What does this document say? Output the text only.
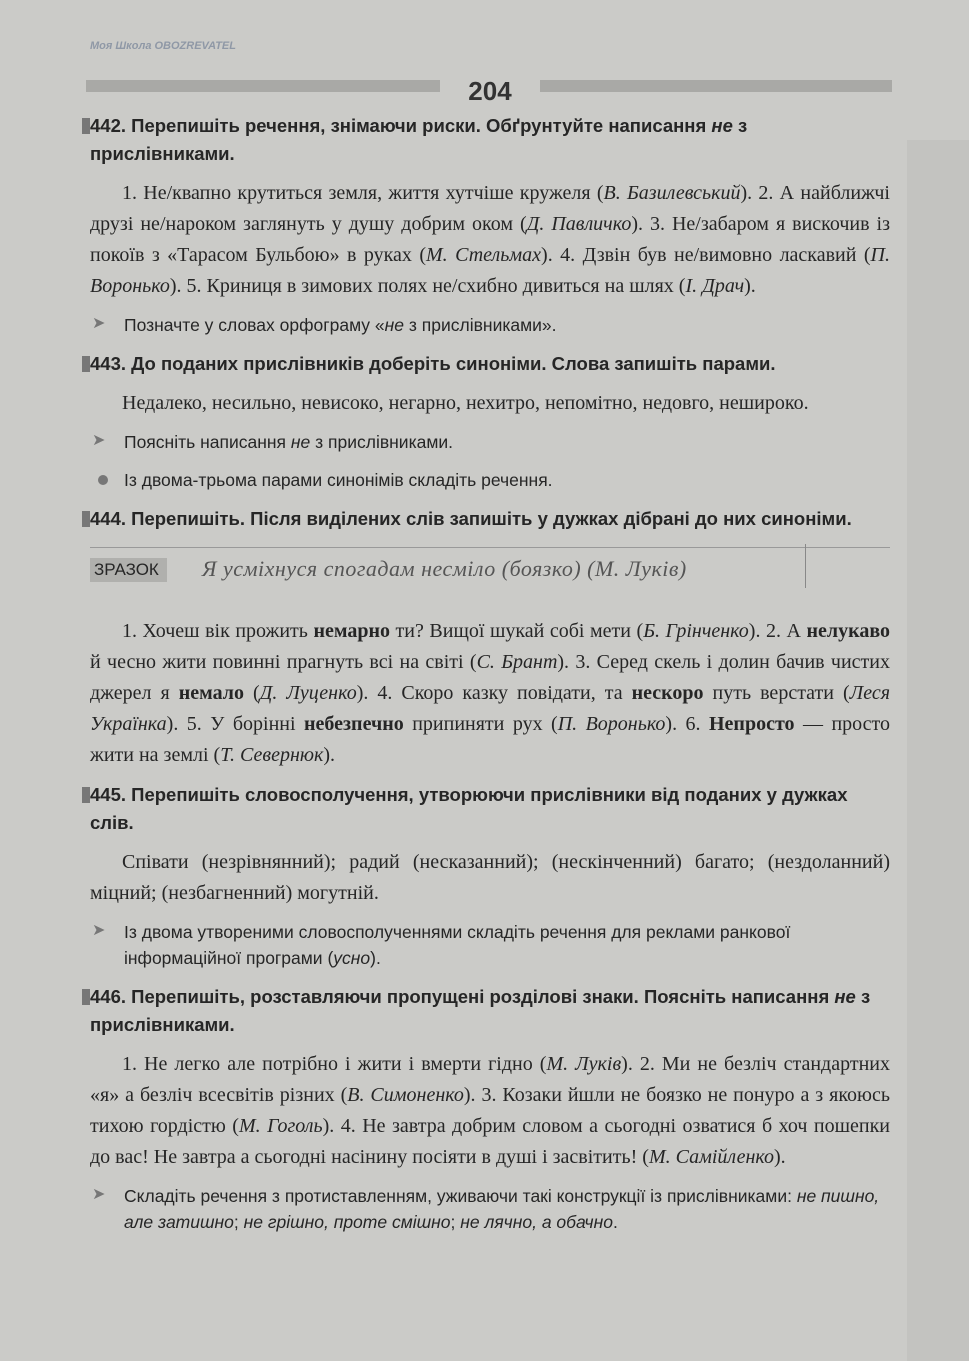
204
Моя Школа OBOZREVATEL
442. Перепишіть речення, знімаючи риски. Обґрунтуйте написання не з прислівниками.
1. Не/квапно крутиться земля, життя хутчіше кружеля (В. Базилевський). 2. А найближчі друзі не/нароком заглянуть у душу добрим оком (Д. Павличко). 3. Не/забаром я вискочив із покоїв з «Тарасом Бульбою» в руках (М. Стельмах). 4. Дзвін був не/вимовно ласкавий (П. Воронько). 5. Криниця в зимових полях не/схибно дивиться на шлях (І. Драч).
➤ Позначте у словах орфограму «не з прислівниками».
443. До поданих прислівників доберіть синоніми. Слова запишіть парами.
Недалеко, несильно, невисоко, негарно, нехитро, непомітно, недовго, неширoко.
➤ Поясніть написання не з прислівниками.
Із двома-трьома парами синонімів складіть речення.
444. Перепишіть. Після виділених слів запишіть у дужках дібрані до них синоніми.
ЗРАЗОК	Я усміхнуся спогадам несміло (боязко) (М. Луків)
1. Хочеш вік прожить немарно ти? Вищої шукай собі мети (Б. Грінченко). 2. А нелукаво й чесно жити повинні прагнуть всі на світі (С. Брант). 3. Серед скель і долин бачив чистих джерел я немало (Д. Луценко). 4. Скоро казку повідати, та нескоро путь верстати (Леся Українка). 5. У борінні небезпечно припиняти рух (П. Воронько). 6. Непросто — просто жити на землі (Т. Севернюк).
445. Перепишіть словосполучення, утворюючи прислівники від поданих у дужках слів.
Співати (незрівнянний); радий (несказанний); (нескінченний) багато; (нездоланний) міцний; (незбагненний) могутній.
➤ Із двома утвореними словосполученнями складіть речення для реклами ранкової інформаційної програми (усно).
446. Перепишіть, розставляючи пропущені розділові знаки. Поясніть написання не з прислівниками.
1. Не легко але потрібно і жити і вмерти гідно (М. Луків). 2. Ми не безліч стандартних «я» а безліч всесвітів різних (В. Симоненко). 3. Козаки йшли не боязко не понуро а з якоюсь тихою гордістю (М. Гоголь). 4. Не завтра добрим словом а сьогодні озватися б хоч пошепки до вас! Не завтра а сьогодні насінину посіяти в душі і засвітить! (М. Самійленко).
➤ Складіть речення з протиставленням, уживаючи такі конструкції із прислівниками: не пишно, але затишно; не грішно, проте смішно; не лячно, а обачно.
